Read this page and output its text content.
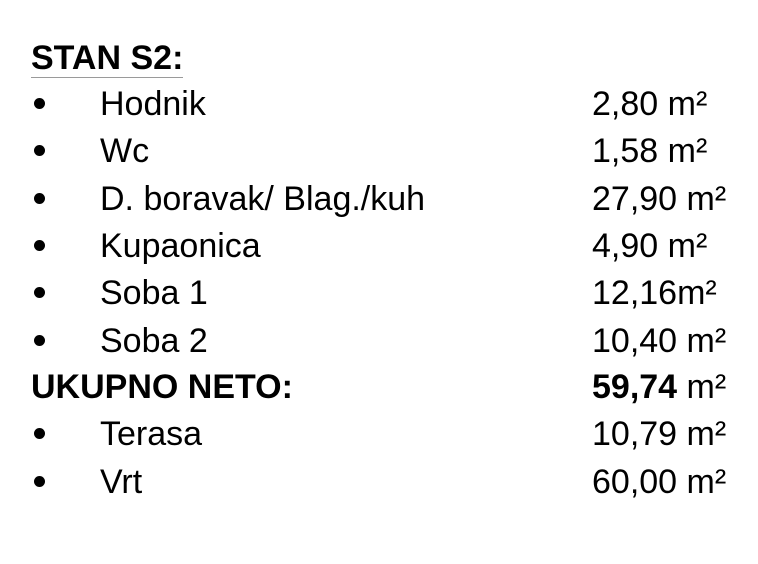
STAN S2:
Hodnik	2,80 m²
Wc	1,58 m²
D. boravak/ Blag./kuh	27,90 m²
Kupaonica	4,90 m²
Soba 1	12,16m²
Soba 2	10,40 m²
UKUPNO NETO:	59,74 m²
Terasa	10,79 m²
Vrt	60,00 m²
